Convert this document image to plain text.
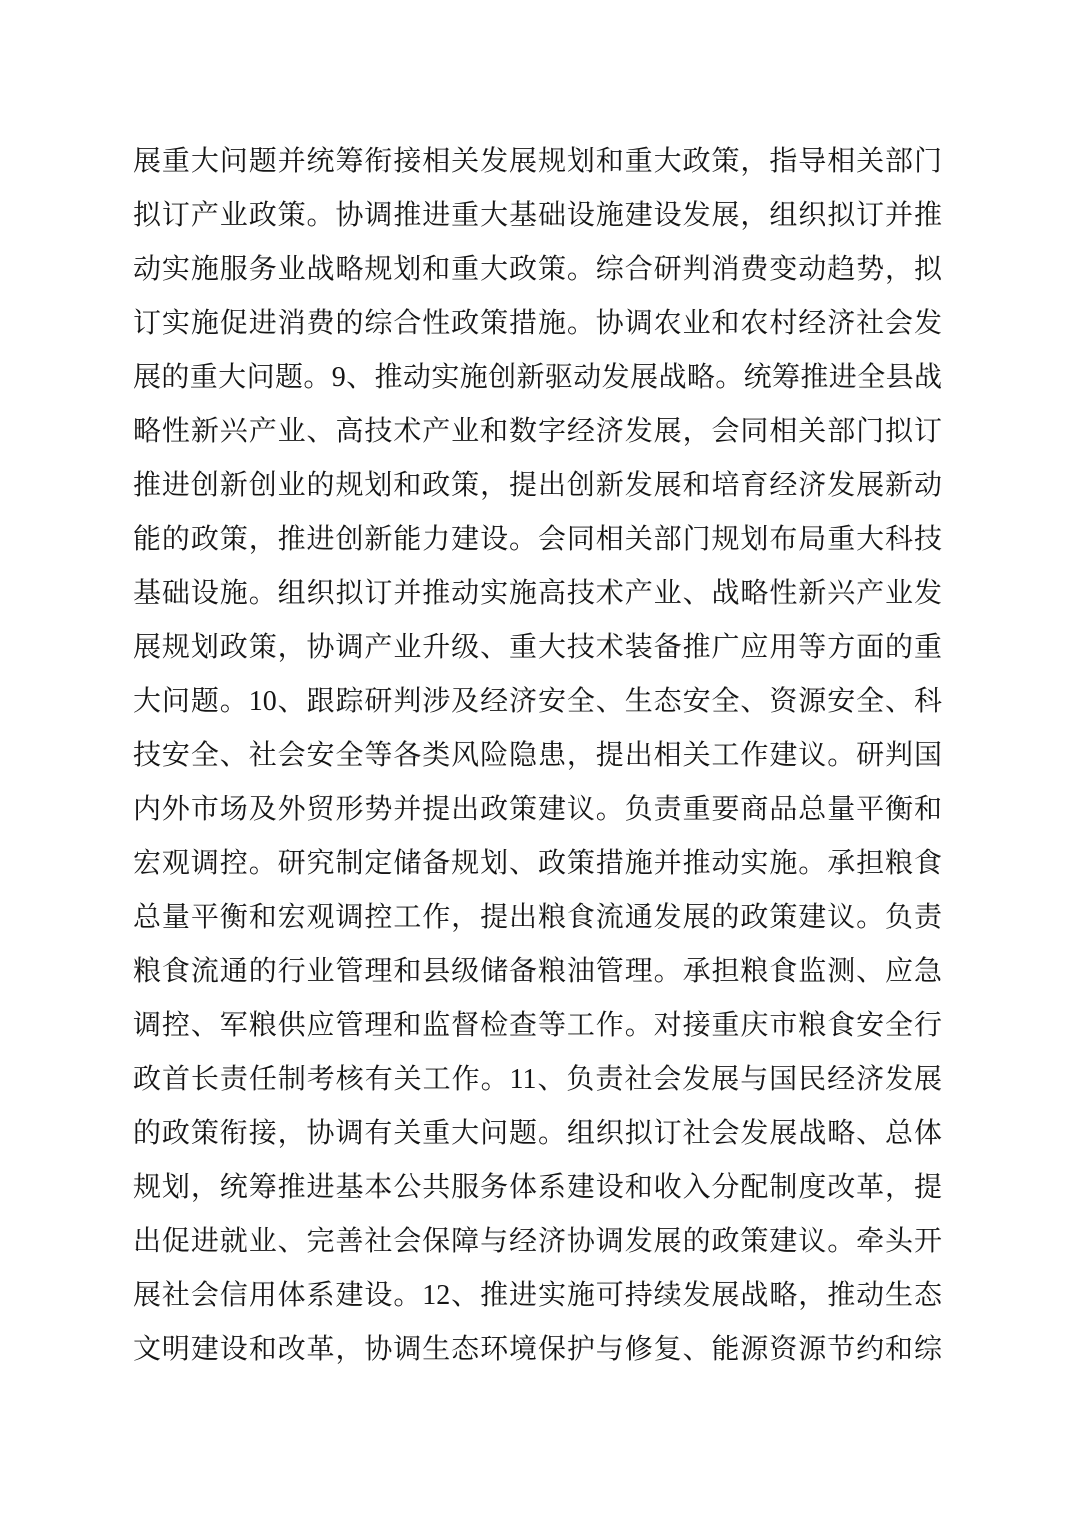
展重大问题并统筹衔接相关发展规划和重大政策，指导相关部门
拟订产业政策。协调推进重大基础设施建设发展，组织拟订并推
动实施服务业战略规划和重大政策。综合研判消费变动趋势，拟
订实施促进消费的综合性政策措施。协调农业和农村经济社会发
展的重大问题。9、推动实施创新驱动发展战略。统筹推进全县战
略性新兴产业、高技术产业和数字经济发展，会同相关部门拟订
推进创新创业的规划和政策，提出创新发展和培育经济发展新动
能的政策，推进创新能力建设。会同相关部门规划布局重大科技
基础设施。组织拟订并推动实施高技术产业、战略性新兴产业发
展规划政策，协调产业升级、重大技术装备推广应用等方面的重
大问题。10、跟踪研判涉及经济安全、生态安全、资源安全、科
技安全、社会安全等各类风险隐患，提出相关工作建议。研判国
内外市场及外贸形势并提出政策建议。负责重要商品总量平衡和
宏观调控。研究制定储备规划、政策措施并推动实施。承担粮食
总量平衡和宏观调控工作，提出粮食流通发展的政策建议。负责
粮食流通的行业管理和县级储备粮油管理。承担粮食监测、应急
调控、军粮供应管理和监督检查等工作。对接重庆市粮食安全行
政首长责任制考核有关工作。11、负责社会发展与国民经济发展
的政策衔接，协调有关重大问题。组织拟订社会发展战略、总体
规划，统筹推进基本公共服务体系建设和收入分配制度改革，提
出促进就业、完善社会保障与经济协调发展的政策建议。牵头开
展社会信用体系建设。12、推进实施可持续发展战略，推动生态
文明建设和改革，协调生态环境保护与修复、能源资源节约和综
